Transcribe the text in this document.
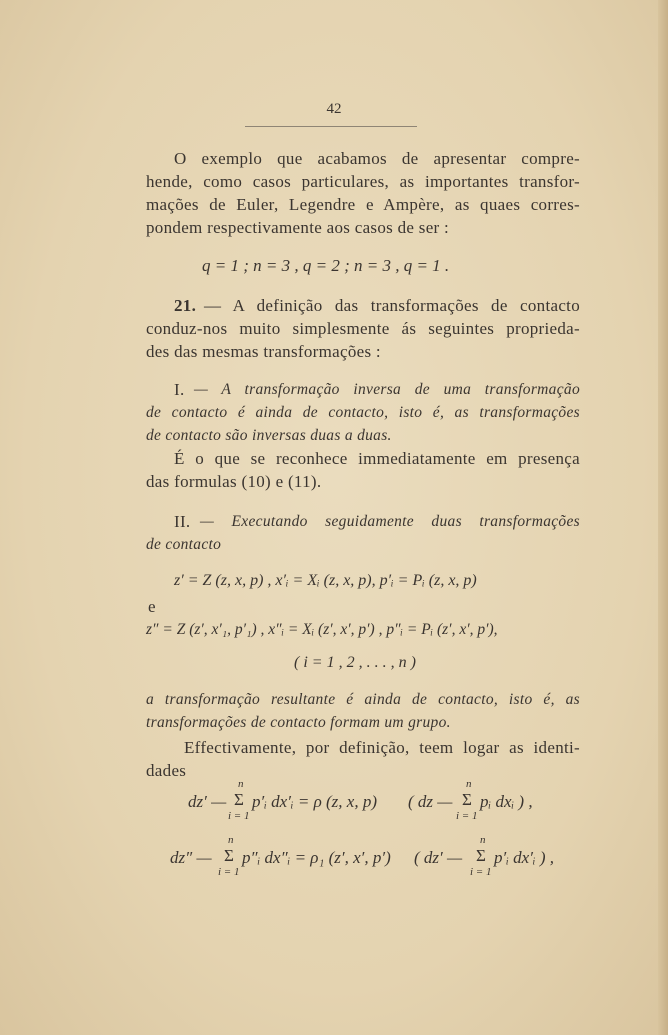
42
O exemplo que acabamos de apresentar compre-
hende, como casos particulares, as importantes transfor-
mações de Euler, Legendre e Ampère, as quaes corres-
pondem respectivamente aos casos de ser :
q = 1 ; n = 3 , q = 2 ; n = 3 , q = 1 .
21. — A definição das transformações de contacto
conduz-nos muito simplesmente ás seguintes proprieda-
des das mesmas transformações :
I. — A transformação inversa de uma transformação
de contacto é ainda de contacto, isto é, as transformações
de contacto são inversas duas a duas.
É o que se reconhece immediatamente em presença
das formulas (10) e (11).
II. — Executando seguidamente duas transformações
de contacto
z′ = Z (z, x, p) , x′ᵢ = Xᵢ (z, x, p), p′ᵢ = Pᵢ (z, x, p)
e
z″ = Z (z′, x′₁, p′₁) , x″ᵢ = Xᵢ (z′, x′, p′) , p″ᵢ = Pᵢ (z′, x′, p′),
( i = 1 , 2 , . . . , n )
a transformação resultante é ainda de contacto, isto é, as
transformações de contacto formam um grupo.
Effectivamente, por definição, teem logar as identi-
dades
dz′ —
n
Σ
i = 1
p′ᵢ dx′ᵢ = ρ (z, x, p) ( dz —
n
Σ
i = 1
pᵢ dxᵢ ) ,
dz″ —
n
Σ
i = 1
p″ᵢ dx″ᵢ = ρ₁ (z′, x′, p′) ( dz′ —
n
Σ
i = 1
p′ᵢ dx′ᵢ ) ,
